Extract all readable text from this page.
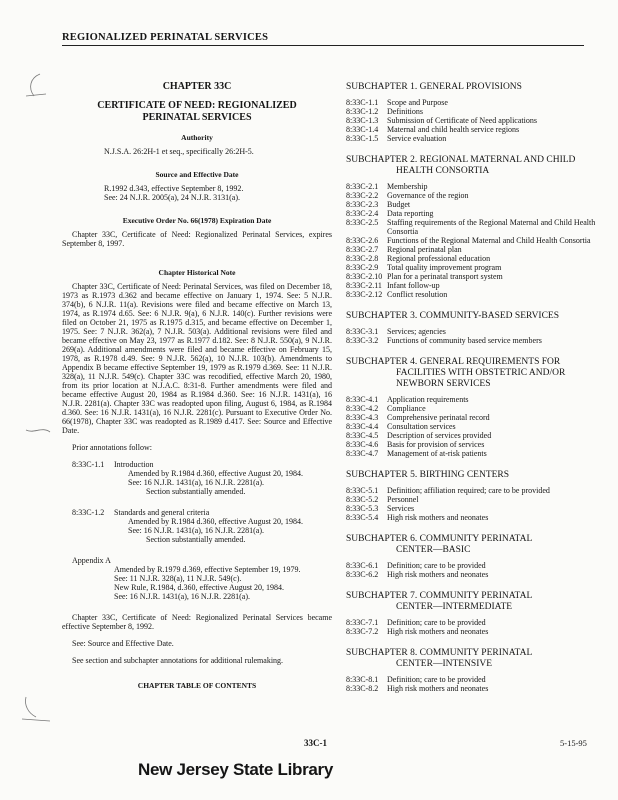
REGIONALIZED PERINATAL SERVICES
CHAPTER 33C
CERTIFICATE OF NEED: REGIONALIZED
PERINATAL SERVICES
Authority
N.J.S.A. 26:2H-1 et seq., specifically 26:2H-5.
Source and Effective Date
R.1992 d.343, effective September 8, 1992.
See: 24 N.J.R. 2005(a), 24 N.J.R. 3131(a).
Executive Order No. 66(1978) Expiration Date

Chapter 33C, Certificate of Need: Regionalized Perinatal Services, expires September 8, 1997.

Chapter Historical Note

Chapter 33C, Certificate of Need: Perinatal Services, was filed on December 18, 1973 as R.1973 d.362 and became effective on January 1, 1974. See: 5 N.J.R. 374(b), 6 N.J.R. 11(a). Revisions were filed and became effective on March 13, 1974, as R.1974 d.65. See: 6 N.J.R. 9(a), 6 N.J.R. 140(c). Further revisions were filed on October 21, 1975 as R.1975 d.315, and became effective on December 1, 1975. See: 7 N.J.R. 362(a), 7 N.J.R. 503(a). Additional revisions were filed and became effective on May 23, 1977 as R.1977 d.182. See: 8 N.J.R. 550(a), 9 N.J.R. 269(a). Additional amendments were filed and became effective on February 15, 1978, as R.1978 d.49. See: 9 N.J.R. 562(a), 10 N.J.R. 103(b). Amendments to Appendix B became effective September 19, 1979 as R.1979 d.369. See: 11 N.J.R. 328(a), 11 N.J.R. 549(c). Chapter 33C was recodified, effective March 20, 1980, from its prior location at N.J.A.C. 8:31-8. Further amendments were filed and became effective August 20, 1984 as R.1984 d.360. See: 16 N.J.R. 1431(a), 16 N.J.R. 2281(a). Chapter 33C was readopted upon filing, August 6, 1984, as R.1984 d.360. See: 16 N.J.R. 1431(a), 16 N.J.R. 2281(c). Pursuant to Executive Order No. 66(1978), Chapter 33C was readopted as R.1989 d.417. See: Source and Effective Date.

Prior annotations follow:
8:33C-1.1	Introduction
Amended by R.1984 d.360, effective August 20, 1984.
See: 16 N.J.R. 1431(a), 16 N.J.R. 2281(a).
Section substantially amended.
8:33C-1.2	Standards and general criteria
Amended by R.1984 d.360, effective August 20, 1984.
See: 16 N.J.R. 1431(a), 16 N.J.R. 2281(a).
Section substantially amended.
Appendix A
Amended by R.1979 d.369, effective September 19, 1979.
See: 11 N.J.R. 328(a), 11 N.J.R. 549(c).
New Rule, R.1984, d.360, effective August 20, 1984.
See: 16 N.J.R. 1431(a), 16 N.J.R. 2281(a).

Chapter 33C, Certificate of Need: Regionalized Perinatal Services became effective September 8, 1992.

See: Source and Effective Date.

See section and subchapter annotations for additional rulemaking.

CHAPTER TABLE OF CONTENTS
SUBCHAPTER 1. GENERAL PROVISIONS
8:33C-1.1	Scope and Purpose
8:33C-1.2	Definitions
8:33C-1.3	Submission of Certificate of Need applications
8:33C-1.4	Maternal and child health service regions
8:33C-1.5	Service evaluation
SUBCHAPTER 2. REGIONAL MATERNAL AND CHILD
HEALTH CONSORTIA
8:33C-2.1	Membership
8:33C-2.2	Governance of the region
8:33C-2.3	Budget
8:33C-2.4	Data reporting
8:33C-2.5	Staffing requirements of the Regional Maternal and Child Health Consortia
8:33C-2.6	Functions of the Regional Maternal and Child Health Consortia
8:33C-2.7	Regional perinatal plan
8:33C-2.8	Regional professional education
8:33C-2.9	Total quality improvement program
8:33C-2.10 Plan for a perinatal transport system
8:33C-2.11 Infant follow-up
8:33C-2.12 Conflict resolution
SUBCHAPTER 3. COMMUNITY-BASED SERVICES
8:33C-3.1	Services; agencies
8:33C-3.2	Functions of community based service members
SUBCHAPTER 4. GENERAL REQUIREMENTS FOR
FACILITIES WITH OBSTETRIC AND/OR NEWBORN SERVICES
8:33C-4.1	Application requirements
8:33C-4.2	Compliance
8:33C-4.3	Comprehensive perinatal record
8:33C-4.4	Consultation services
8:33C-4.5	Description of services provided
8:33C-4.6	Basis for provision of services
8:33C-4.7	Management of at-risk patients
SUBCHAPTER 5. BIRTHING CENTERS
8:33C-5.1	Definition; affiliation required; care to be provided
8:33C-5.2	Personnel
8:33C-5.3	Services
8:33C-5.4	High risk mothers and neonates
SUBCHAPTER 6. COMMUNITY PERINATAL
CENTER—BASIC
8:33C-6.1	Definition; care to be provided
8:33C-6.2	High risk mothers and neonates
SUBCHAPTER 7. COMMUNITY PERINATAL
CENTER—INTERMEDIATE
8:33C-7.1	Definition; care to be provided
8:33C-7.2	High risk mothers and neonates
SUBCHAPTER 8. COMMUNITY PERINATAL
CENTER—INTENSIVE
8:33C-8.1	Definition; care to be provided
8:33C-8.2	High risk mothers and neonates
33C-1	5-15-95
New Jersey State Library
